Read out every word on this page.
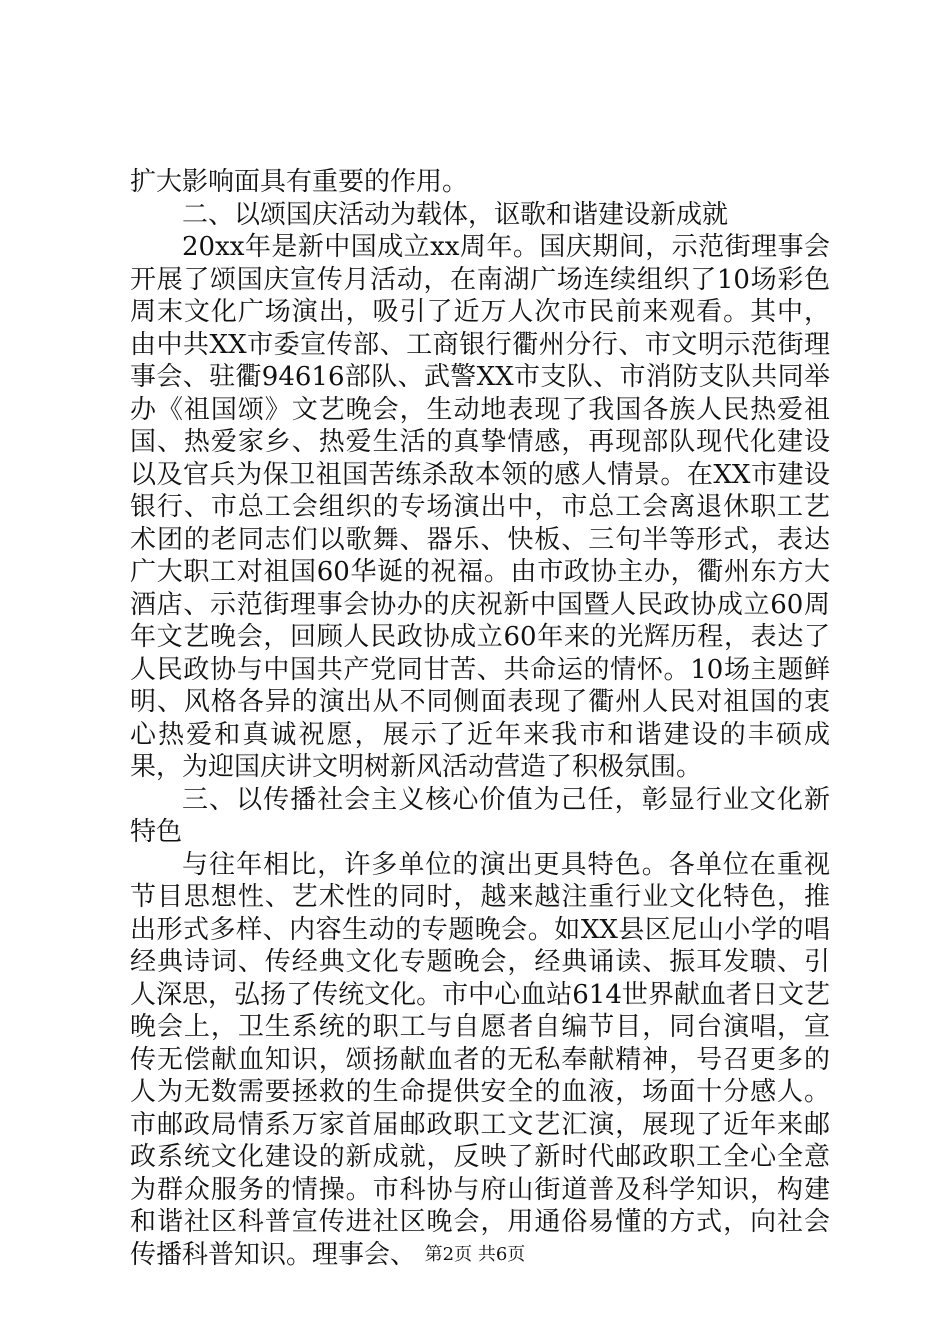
扩大影响面具有重要的作用。

二、以颂国庆活动为载体，讴歌和谐建设新成就

20xx年是新中国成立xx周年。国庆期间，示范街理事会开展了颂国庆宣传月活动，在南湖广场连续组织了10场彩色周末文化广场演出，吸引了近万人次市民前来观看。其中，由中共XX市委宣传部、工商银行衢州分行、市文明示范街理事会、驻衢94616部队、武警XX市支队、市消防支队共同举办《祖国颂》文艺晚会，生动地表现了我国各族人民热爱祖国、热爱家乡、热爱生活的真挚情感，再现部队现代化建设以及官兵为保卫祖国苦练杀敌本领的感人情景。在XX市建设银行、市总工会组织的专场演出中，市总工会离退休职工艺术团的老同志们以歌舞、器乐、快板、三句半等形式，表达广大职工对祖国60华诞的祝福。由市政协主办，衢州东方大酒店、示范街理事会协办的庆祝新中国暨人民政协成立60周年文艺晚会，回顾人民政协成立60年来的光辉历程，表达了人民政协与中国共产党同甘苦、共命运的情怀。10场主题鲜明、风格各异的演出从不同侧面表现了衢州人民对祖国的衷心热爱和真诚祝愿，展示了近年来我市和谐建设的丰硕成果，为迎国庆讲文明树新风活动营造了积极氛围。

三、以传播社会主义核心价值为己任，彰显行业文化新特色

与往年相比，许多单位的演出更具特色。各单位在重视节目思想性、艺术性的同时，越来越注重行业文化特色，推出形式多样、内容生动的专题晚会。如XX县区尼山小学的唱经典诗词、传经典文化专题晚会，经典诵读、振耳发聩、引人深思，弘扬了传统文化。市中心血站614世界献血者日文艺晚会上，卫生系统的职工与自愿者自编节目，同台演唱，宣传无偿献血知识，颂扬献血者的无私奉献精神，号召更多的人为无数需要拯救的生命提供安全的血液，场面十分感人。市邮政局情系万家首届邮政职工文艺汇演，展现了近年来邮政系统文化建设的新成就，反映了新时代邮政职工全心全意为群众服务的情操。市科协与府山街道普及科学知识，构建和谐社区科普宣传进社区晚会，用通俗易懂的方式，向社会传播科普知识。理事会、 第2页 共6页
